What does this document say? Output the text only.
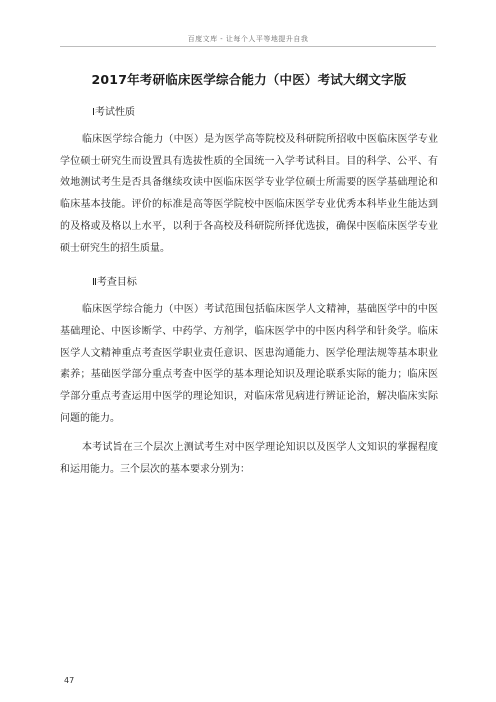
百度文库 - 让每个人平等地提升自我
2017年考研临床医学综合能力（中医）考试大纲文字版
Ⅰ考试性质

临床医学综合能力（中医）是为医学高等院校及科研院所招收中医临床医学专业学位硕士研究生而设置具有选拔性质的全国统一入学考试科目。目的科学、公平、有效地测试考生是否具备继续攻读中医临床医学专业学位硕士所需要的医学基础理论和临床基本技能。评价的标准是高等医学院校中医临床医学专业优秀本科毕业生能达到的及格或及格以上水平，以利于各高校及科研院所择优选拔，确保中医临床医学专业硕士研究生的招生质量。

Ⅱ考查目标

临床医学综合能力（中医）考试范围包括临床医学人文精神，基础医学中的中医基础理论、中医诊断学、中药学、方剂学，临床医学中的中医内科学和针灸学。临床医学人文精神重点考查医学职业责任意识、医患沟通能力、医学伦理法规等基本职业素养；基础医学部分重点考查中医学的基本理论知识及理论联系实际的能力；临床医学部分重点考查运用中医学的理论知识，对临床常见病进行辨证论治，解决临床实际问题的能力。

本考试旨在三个层次上测试考生对中医学理论知识以及医学人文知识的掌握程度和运用能力。三个层次的基本要求分别为：

47
